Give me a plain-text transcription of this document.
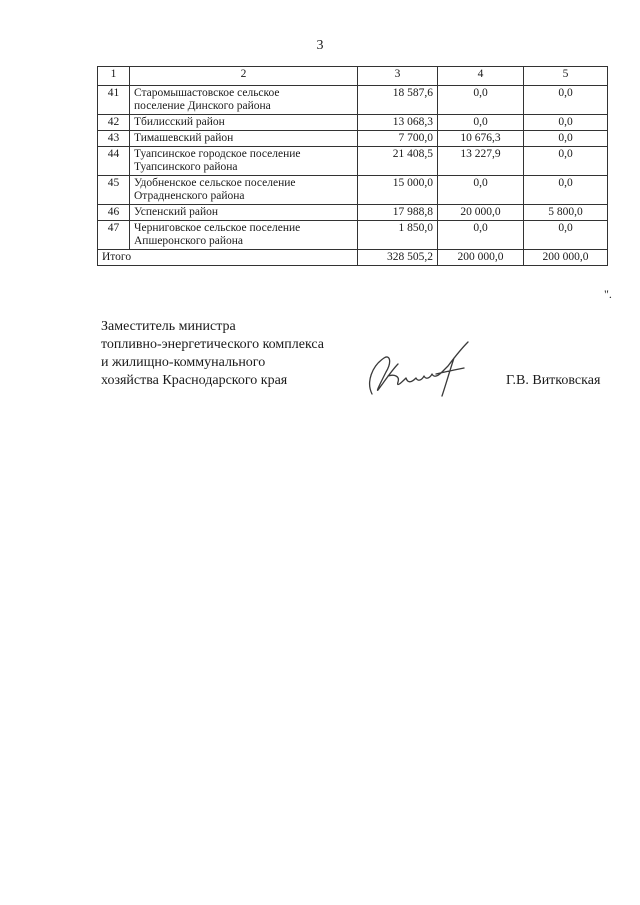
3
1	2	3	4	5
41	Старомышастовское сельское
поселение Динского района	18 587,6	0,0	0,0
42	Тбилисский район	13 068,3	0,0	0,0
43	Тимашевский район	7 700,0	10 676,3	0,0
44	Туапсинское городское поселение
Туапсинского района	21 408,5	13 227,9	0,0
45	Удобненское сельское поселение
Отрадненского района	15 000,0	0,0	0,0
46	Успенский район	17 988,8	20 000,0	5 800,0
47	Черниговское сельское поселение
Апшеронского района	1 850,0	0,0	0,0
Итого		328 505,2	200 000,0	200 000,0
".
Заместитель министра
топливно-энергетического комплекса
и жилищно-коммунального
хозяйства Краснодарского края	Г.В. Витковская
